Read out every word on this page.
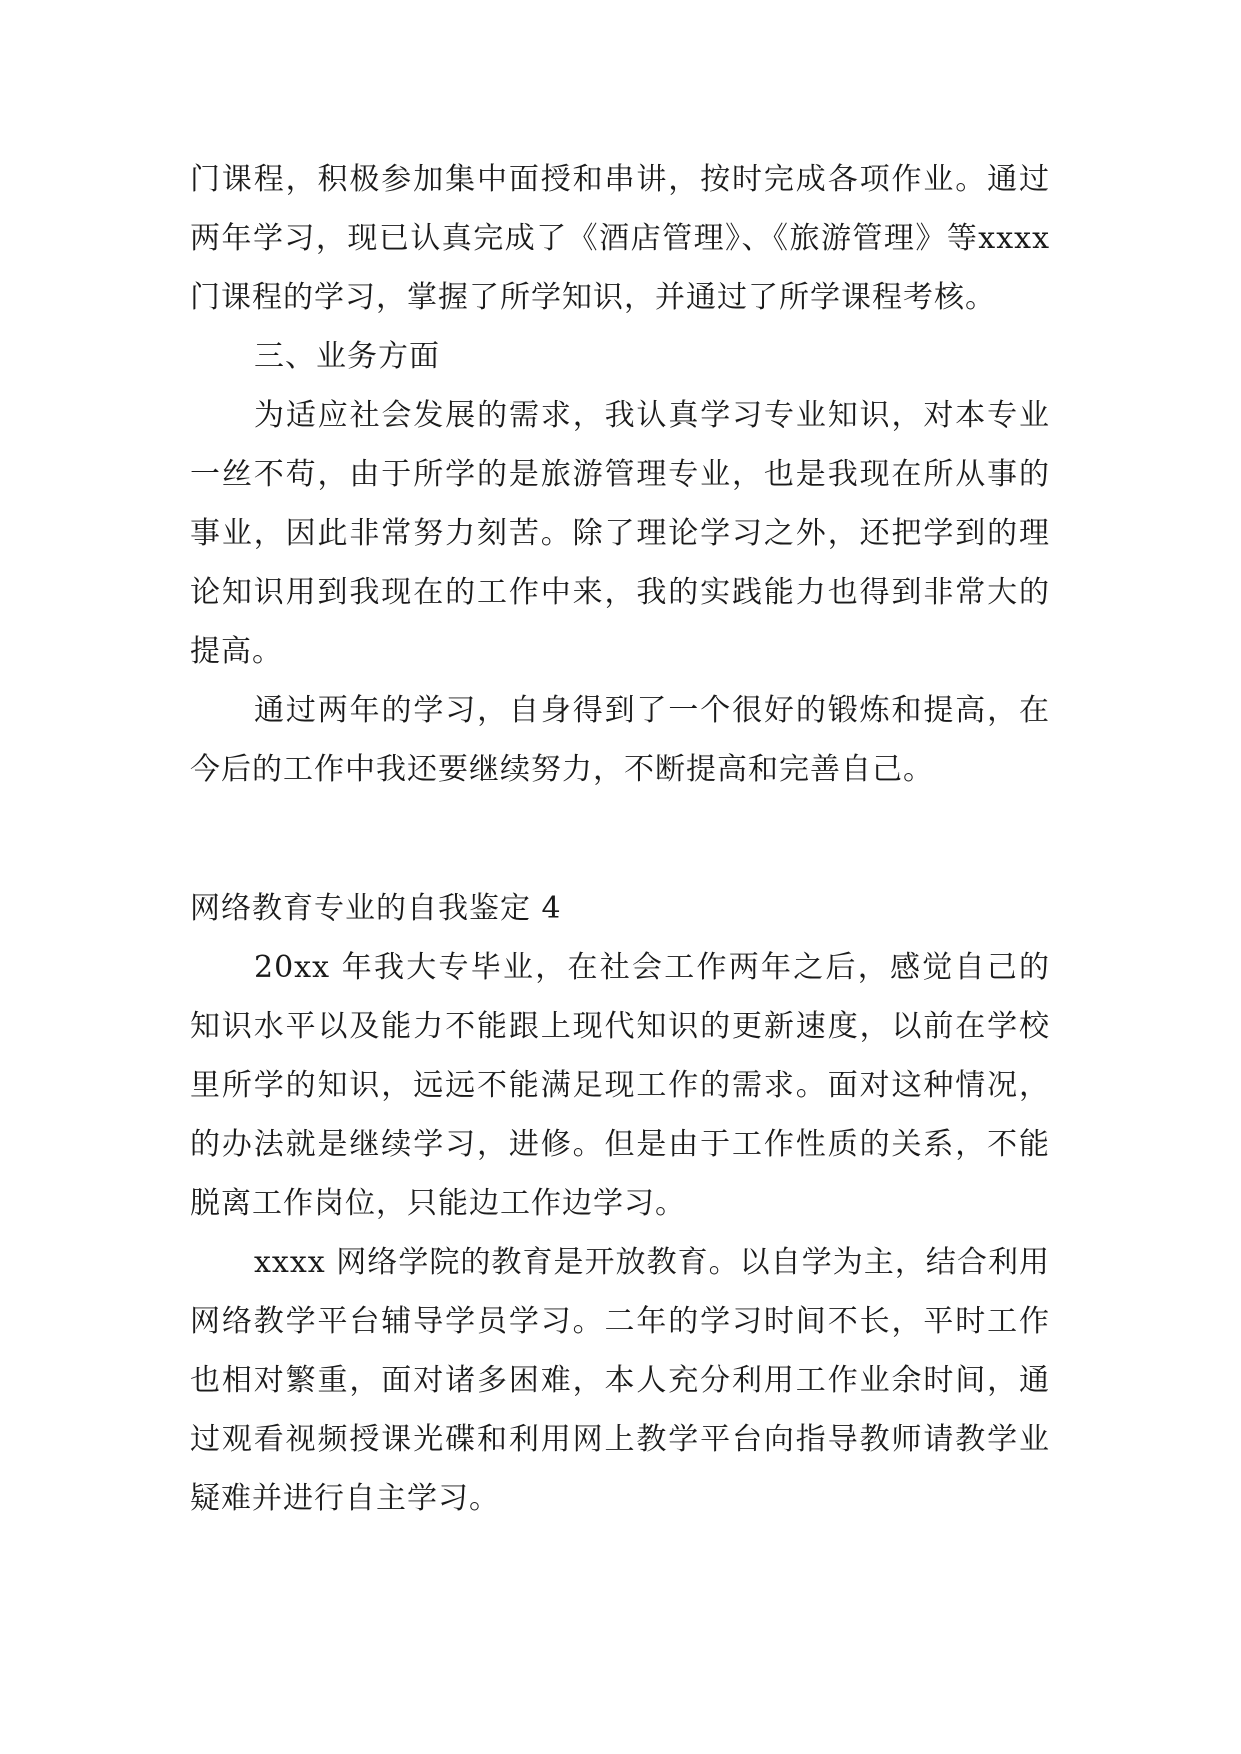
门课程，积极参加集中面授和串讲，按时完成各项作业。通过两年学习，现已认真完成了《酒店管理》、《旅游管理》等xxxx 门课程的学习，掌握了所学知识，并通过了所学课程考核。

三、业务方面

为适应社会发展的需求，我认真学习专业知识，对本专业一丝不苟，由于所学的是旅游管理专业，也是我现在所从事的事业，因此非常努力刻苦。除了理论学习之外，还把学到的理论知识用到我现在的工作中来，我的实践能力也得到非常大的提高。

通过两年的学习，自身得到了一个很好的锻炼和提高，在今后的工作中我还要继续努力，不断提高和完善自己。

网络教育专业的自我鉴定 4

20xx 年我大专毕业，在社会工作两年之后，感觉自己的知识水平以及能力不能跟上现代知识的更新速度，以前在学校里所学的知识，远远不能满足现工作的需求。面对这种情况，的办法就是继续学习，进修。但是由于工作性质的关系，不能脱离工作岗位，只能边工作边学习。

xxxx 网络学院的教育是开放教育。以自学为主，结合利用网络教学平台辅导学员学习。二年的学习时间不长，平时工作也相对繁重，面对诸多困难，本人充分利用工作业余时间，通过观看视频授课光碟和利用网上教学平台向指导教师请教学业疑难并进行自主学习。
